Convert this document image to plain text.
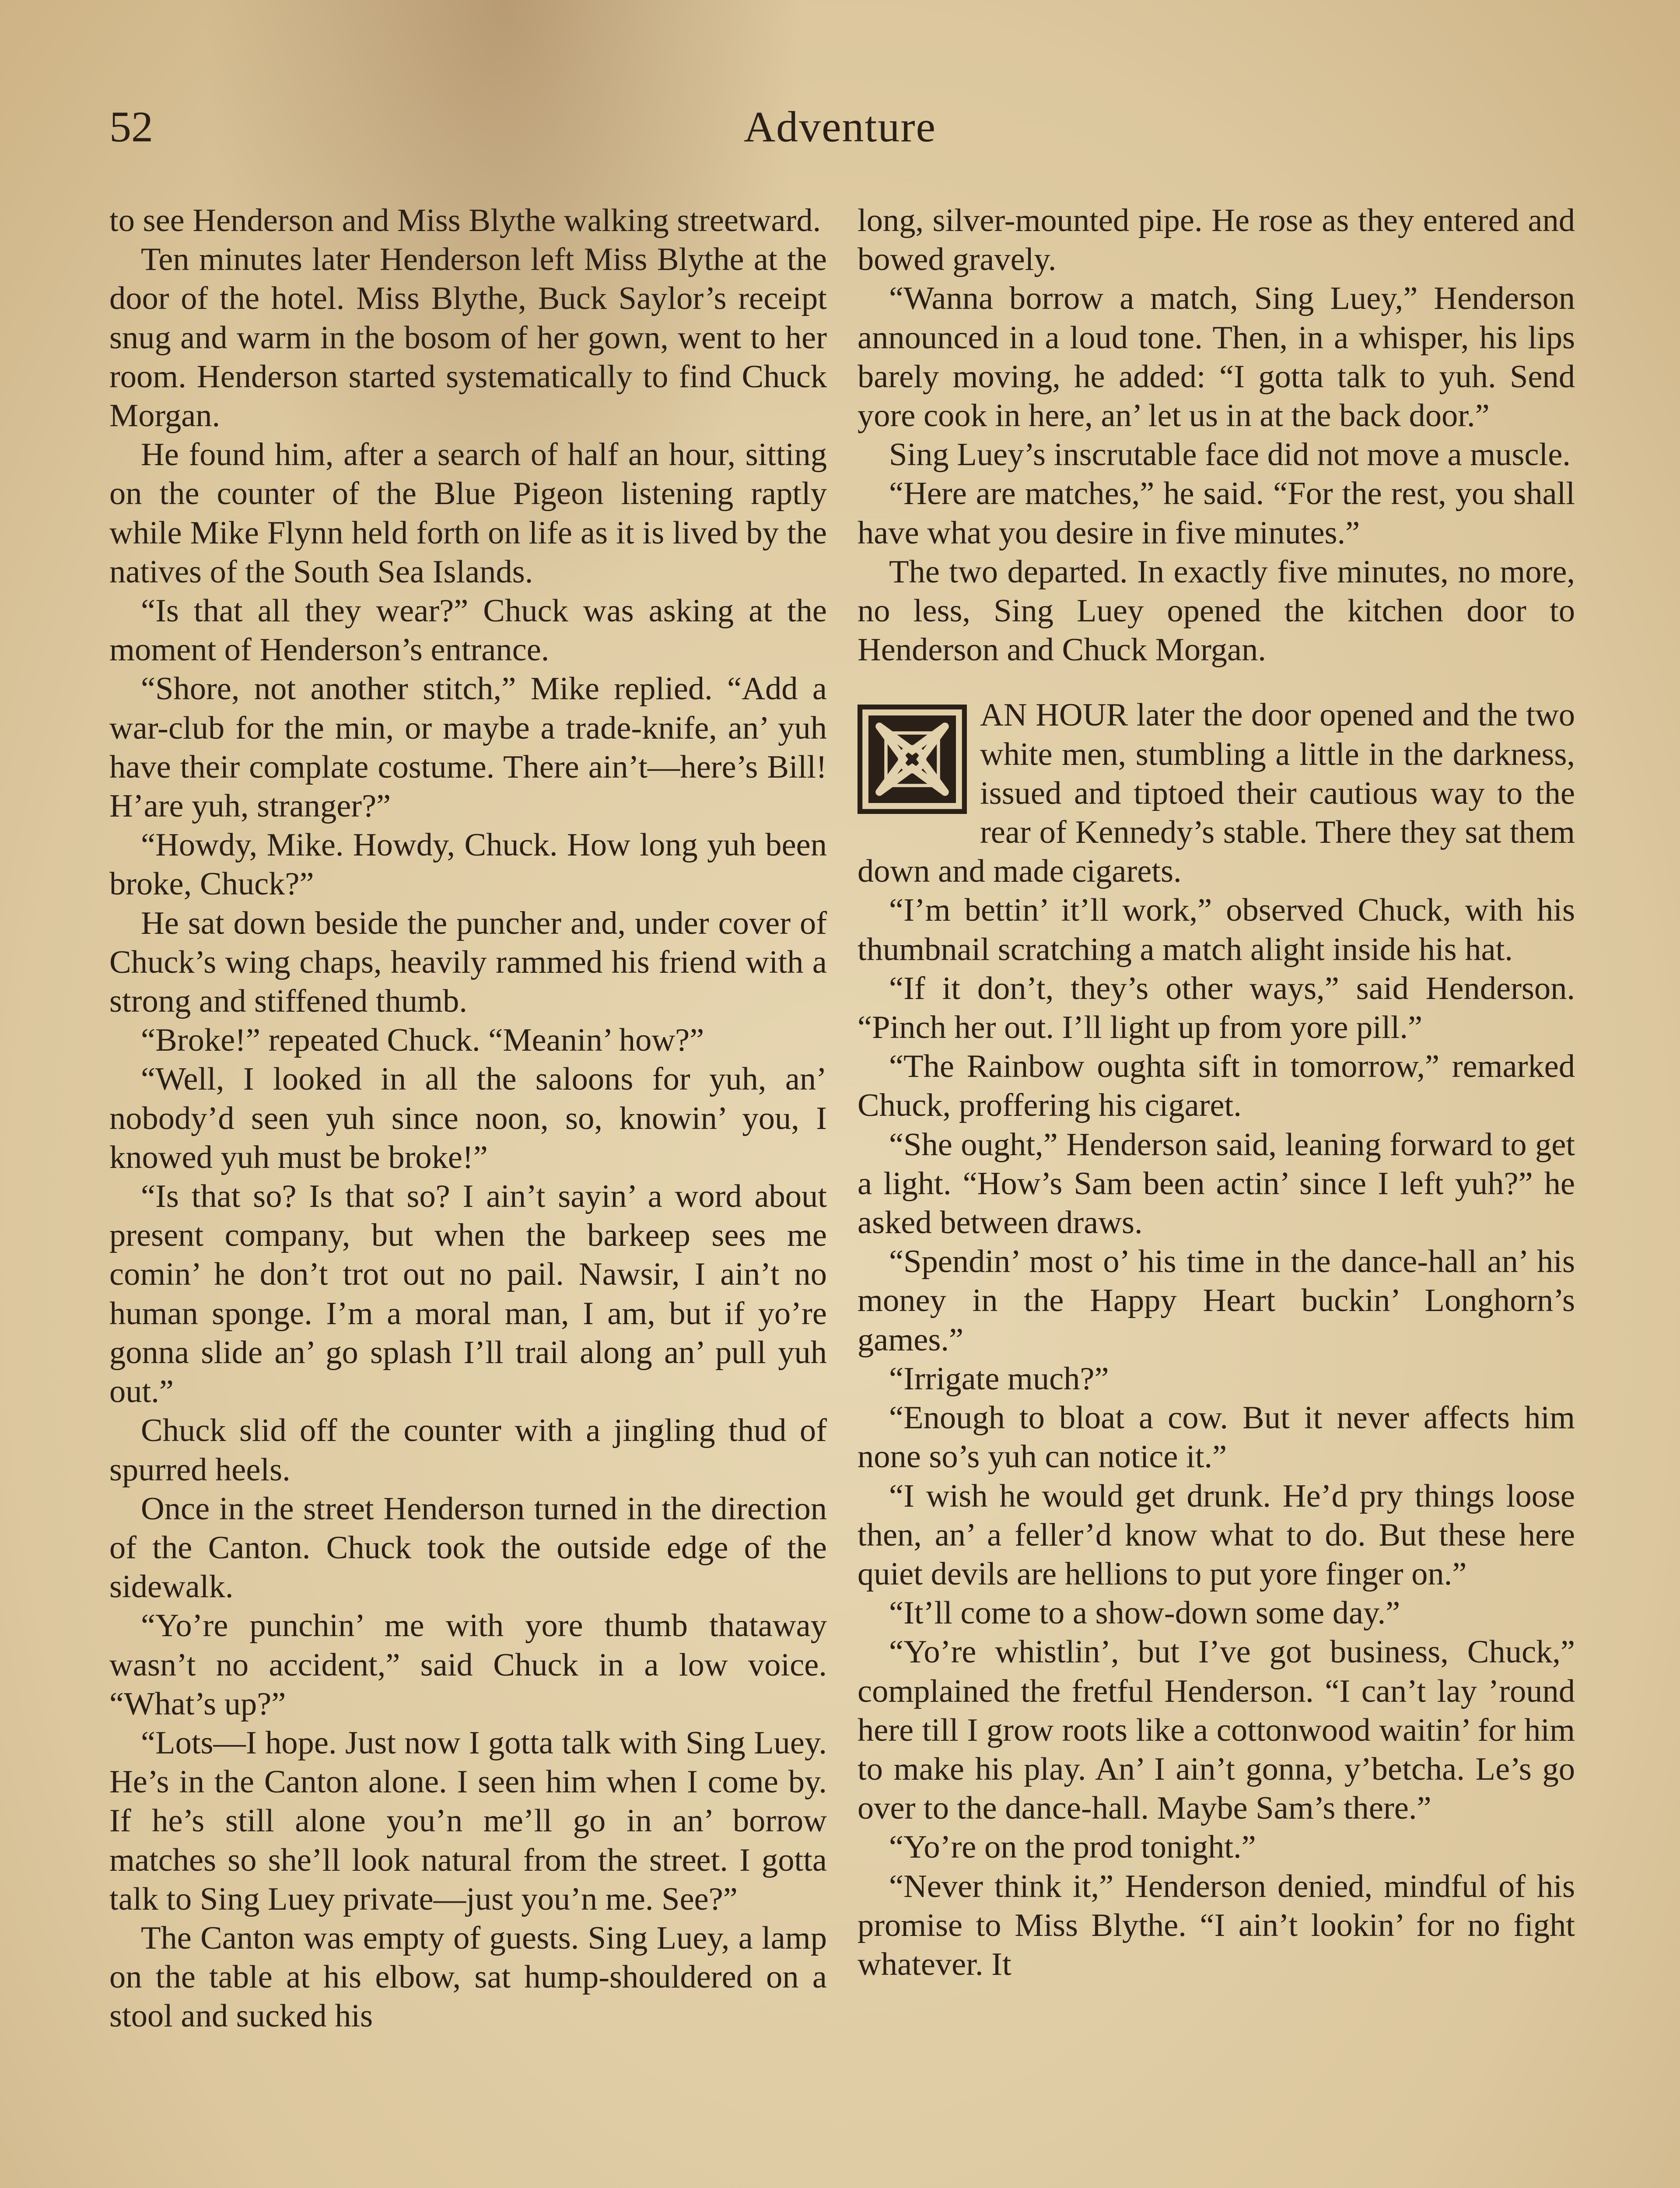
52	Adventure

to see Henderson and Miss Blythe walking streetward.

Ten minutes later Henderson left Miss Blythe at the door of the hotel. Miss Blythe, Buck Saylor’s receipt snug and warm in the bosom of her gown, went to her room. Henderson started systematically to find Chuck Morgan.

He found him, after a search of half an hour, sitting on the counter of the Blue Pigeon listening raptly while Mike Flynn held forth on life as it is lived by the natives of the South Sea Islands.

“Is that all they wear?” Chuck was asking at the moment of Henderson’s entrance.

“Shore, not another stitch,” Mike replied. “Add a war-club for the min, or maybe a trade-knife, an’ yuh have their complate costume. There ain’t—here’s Bill! H’are yuh, stranger?”

“Howdy, Mike. Howdy, Chuck. How long yuh been broke, Chuck?”

He sat down beside the puncher and, under cover of Chuck’s wing chaps, heavily rammed his friend with a strong and stiffened thumb.

“Broke!” repeated Chuck. “Meanin’ how?”

“Well, I looked in all the saloons for yuh, an’ nobody’d seen yuh since noon, so, knowin’ you, I knowed yuh must be broke!”

“Is that so? Is that so? I ain’t sayin’ a word about present company, but when the barkeep sees me comin’ he don’t trot out no pail. Nawsir, I ain’t no human sponge. I’m a moral man, I am, but if yo’re gonna slide an’ go splash I’ll trail along an’ pull yuh out.”

Chuck slid off the counter with a jingling thud of spurred heels.

Once in the street Henderson turned in the direction of the Canton. Chuck took the outside edge of the sidewalk.

“Yo’re punchin’ me with yore thumb thataway wasn’t no accident,” said Chuck in a low voice. “What’s up?”

“Lots—I hope. Just now I gotta talk with Sing Luey. He’s in the Canton alone. I seen him when I come by. If he’s still alone you’n me’ll go in an’ borrow matches so she’ll look natural from the street. I gotta talk to Sing Luey private—just you’n me. See?”

The Canton was empty of guests. Sing Luey, a lamp on the table at his elbow, sat hump-shouldered on a stool and sucked his

long, silver-mounted pipe. He rose as they entered and bowed gravely.

“Wanna borrow a match, Sing Luey,” Henderson announced in a loud tone. Then, in a whisper, his lips barely moving, he added: “I gotta talk to yuh. Send yore cook in here, an’ let us in at the back door.”

Sing Luey’s inscrutable face did not move a muscle.

“Here are matches,” he said. “For the rest, you shall have what you desire in five minutes.”

The two departed. In exactly five minutes, no more, no less, Sing Luey opened the kitchen door to Henderson and Chuck Morgan.

AN HOUR later the door opened and the two white men, stumbling a little in the darkness, issued and tiptoed their cautious way to the rear of Kennedy’s stable. There they sat them down and made cigarets.

“I’m bettin’ it’ll work,” observed Chuck, with his thumbnail scratching a match alight inside his hat.

“If it don’t, they’s other ways,” said Henderson. “Pinch her out. I’ll light up from yore pill.”

“The Rainbow oughta sift in tomorrow,” remarked Chuck, proffering his cigaret.

“She ought,” Henderson said, leaning forward to get a light. “How’s Sam been actin’ since I left yuh?” he asked between draws.

“Spendin’ most o’ his time in the dance-hall an’ his money in the Happy Heart buckin’ Longhorn’s games.”

“Irrigate much?”

“Enough to bloat a cow. But it never affects him none so’s yuh can notice it.”

“I wish he would get drunk. He’d pry things loose then, an’ a feller’d know what to do. But these here quiet devils are hellions to put yore finger on.”

“It’ll come to a show-down some day.”

“Yo’re whistlin’, but I’ve got business, Chuck,” complained the fretful Henderson. “I can’t lay ’round here till I grow roots like a cottonwood waitin’ for him to make his play. An’ I ain’t gonna, y’betcha. Le’s go over to the dance-hall. Maybe Sam’s there.”

“Yo’re on the prod tonight.”

“Never think it,” Henderson denied, mindful of his promise to Miss Blythe. “I ain’t lookin’ for no fight whatever. It
